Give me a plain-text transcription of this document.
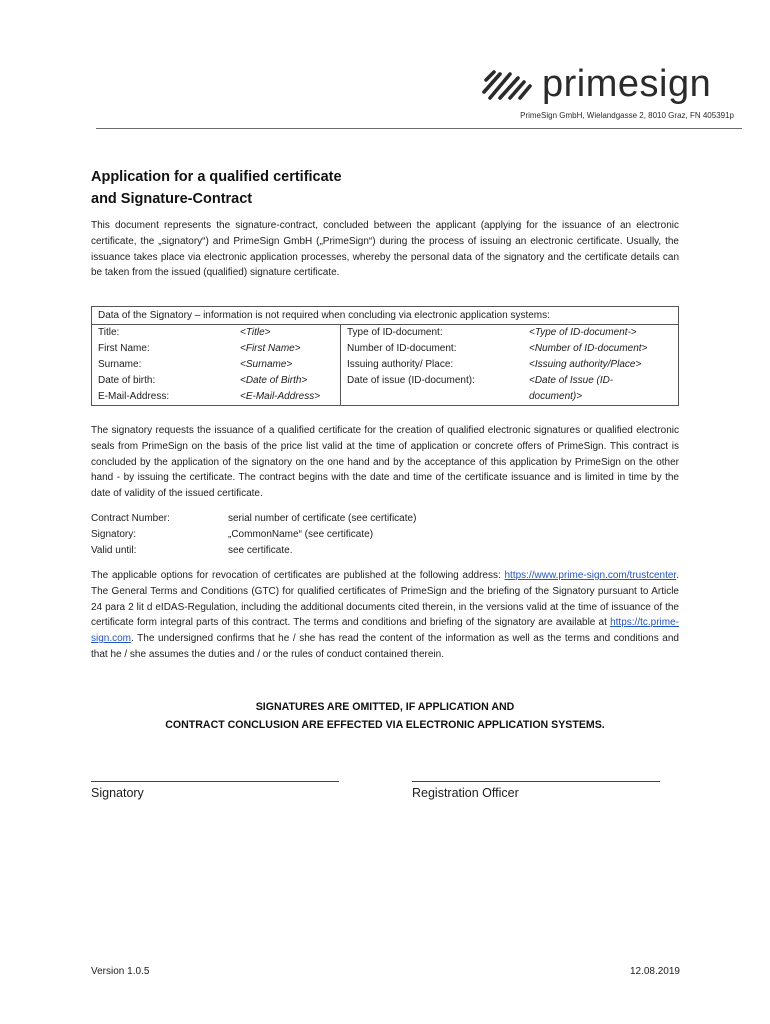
primesign
PrimeSign GmbH, Wielandgasse 2, 8010 Graz, FN 405391p
Application for a qualified certificate
and Signature-Contract

This document represents the signature-contract, concluded between the applicant (applying for the issuance of an electronic certificate, the „signatory“) and PrimeSign GmbH („PrimeSign“) during the process of issuing an electronic certificate. Usually, the issuance takes place via electronic application processes, whereby the personal data of the signatory and the certificate details can be taken from the issued (qualified) signature certificate.

Data of the Signatory – information is not required when concluding via electronic application systems:			
Title:	<Title>	Type of ID-document:	<Type of ID-document->
First Name:	<First Name>	Number of ID-document:	<Number of ID-document>
Surname:	<Surname>	Issuing authority/ Place:	<Issuing authority/Place>
Date of birth:	<Date of Birth>	Date of issue (ID-document):	<Date of Issue (ID-
E-Mail-Address:	<E-Mail-Address>		document)>

The signatory requests the issuance of a qualified certificate for the creation of qualified electronic signatures or qualified electronic seals from PrimeSign on the basis of the price list valid at the time of application or concrete offers of PrimeSign. This contract is concluded by the application of the signatory on the one hand and by the acceptance of this application by PrimeSign on the other hand - by issuing the certificate. The contract begins with the date and time of the certificate issuance and is limited in time by the date of validity of the issued certificate.

Contract Number:	serial number of certificate (see certificate)
Signatory:	„CommonName“ (see certificate)
Valid until:	see certificate.

The applicable options for revocation of certificates are published at the following address: https://www.prime-sign.com/trustcenter. The General Terms and Conditions (GTC) for qualified certificates of PrimeSign and the briefing of the Signatory pursuant to Article 24 para 2 lit d eIDAS-Regulation, including the additional documents cited therein, in the versions valid at the time of issuance of the certificate form integral parts of this contract. The terms and conditions and briefing of the signatory are available at https://tc.prime-sign.com. The undersigned confirms that he / she has read the content of the information as well as the terms and conditions and that he / she assumes the duties and / or the rules of conduct contained therein.

SIGNATURES ARE OMITTED, IF APPLICATION AND
CONTRACT CONCLUSION ARE EFFECTED VIA ELECTRONIC APPLICATION SYSTEMS.
Signatory	Registration Officer
Version 1.0.5	12.08.2019
